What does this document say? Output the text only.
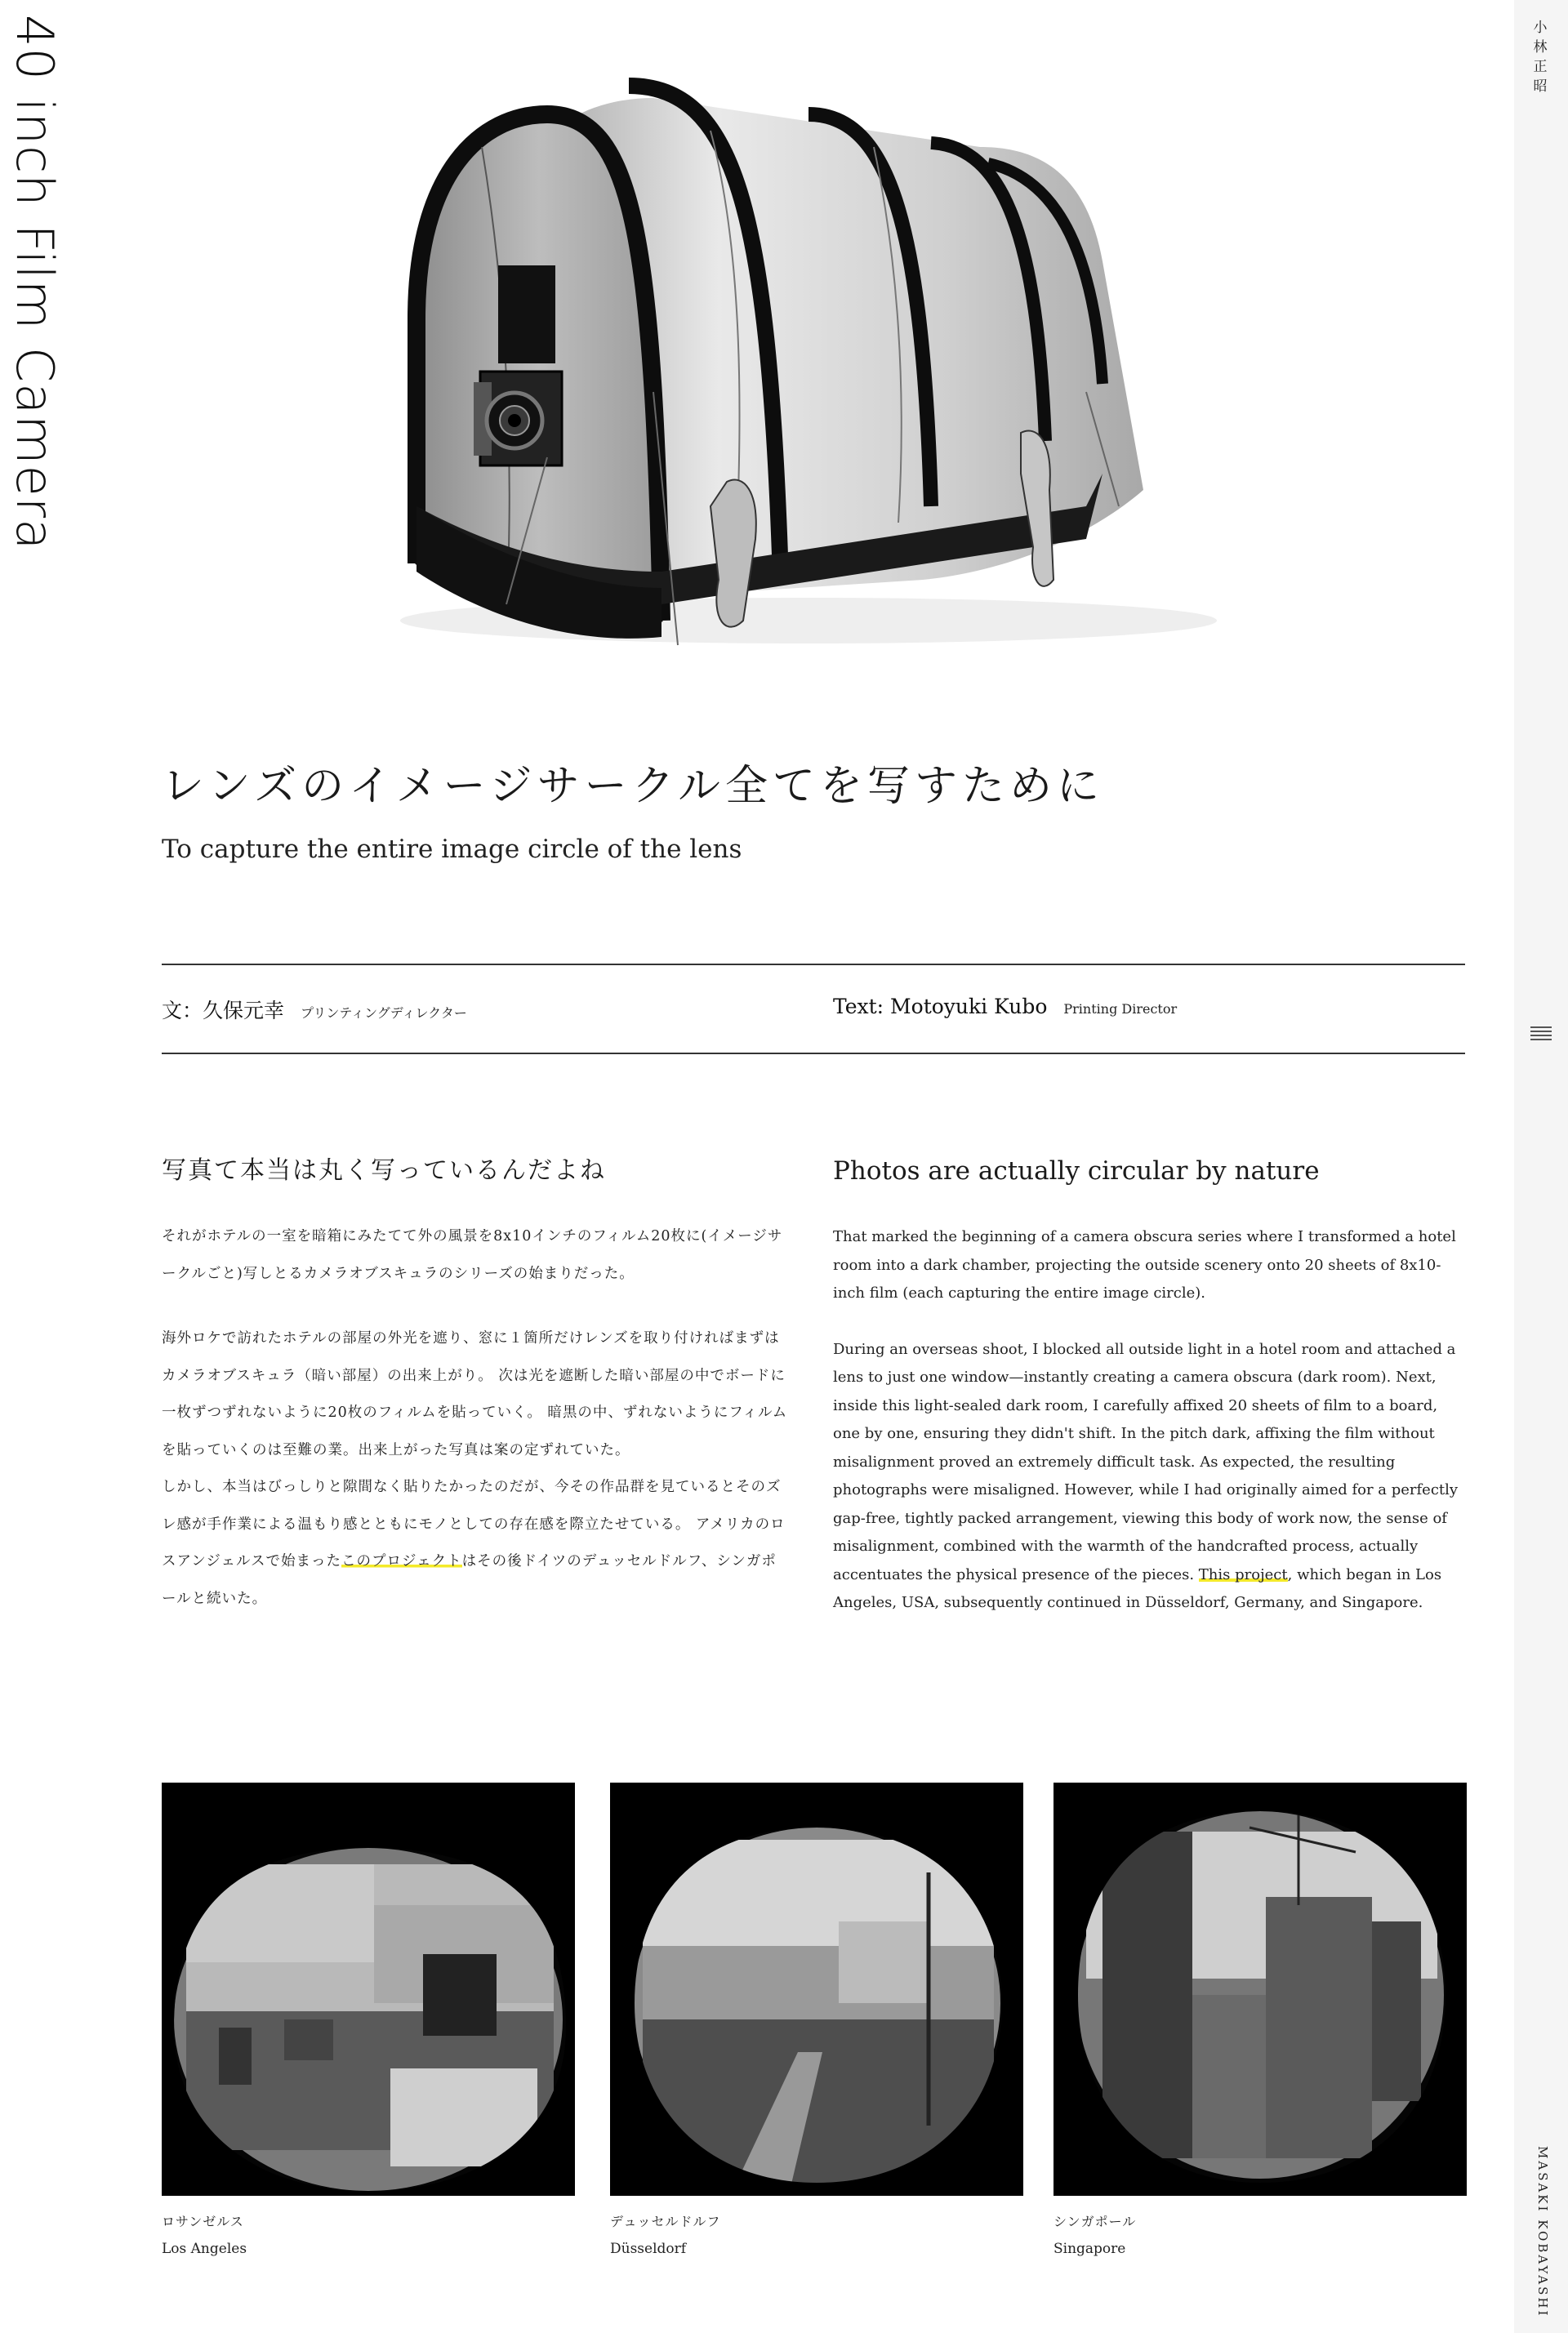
40 inch Film Camera	小林正昭
MASAKI KOBAYASHI
レンズのイメージサークル全てを写すために

To capture the entire image circle of the lens

文：久保元幸 プリンティングディレクター	Text: Motoyuki Kubo Printing Director
写真て本当は丸く写っているんだよね

それがホテルの一室を暗箱にみたてて外の風景を8x10インチのフィルム20枚に(イメージサークルごと)写しとるカメラオブスキュラのシリーズの始まりだった。

海外ロケで訪れたホテルの部屋の外光を遮り、窓に１箇所だけレンズを取り付ければまずはカメラオブスキュラ（暗い部屋）の出来上がり。 次は光を遮断した暗い部屋の中でボードに一枚ずつずれないように20枚のフィルムを貼っていく。 暗黒の中、ずれないようにフィルムを貼っていくのは至難の業。出来上がった写真は案の定ずれていた。

しかし、本当はびっしりと隙間なく貼りたかったのだが、今その作品群を見ているとそのズレ感が手作業による温もり感とともにモノとしての存在感を際立たせている。 アメリカのロスアンジェルスで始まったこのプロジェクトはその後ドイツのデュッセルドルフ、シンガポールと続いた。

Photos are actually circular by nature

That marked the beginning of a camera obscura series where I transformed a hotel room into a dark chamber, projecting the outside scenery onto 20 sheets of 8x10-inch film (each capturing the entire image circle).

During an overseas shoot, I blocked all outside light in a hotel room and attached a lens to just one window—instantly creating a camera obscura (dark room). Next, inside this light-sealed dark room, I carefully affixed 20 sheets of film to a board, one by one, ensuring they didn't shift. In the pitch dark, affixing the film without misalignment proved an extremely difficult task. As expected, the resulting photographs were misaligned. However, while I had originally aimed for a perfectly gap-free, tightly packed arrangement, viewing this body of work now, the sense of misalignment, combined with the warmth of the handcrafted process, actually accentuates the physical presence of the pieces. This project, which began in Los Angeles, USA, subsequently continued in Düsseldorf, Germany, and Singapore.

ロサンゼルス
Los Angeles
デュッセルドルフ
Düsseldorf
シンガポール
Singapore
